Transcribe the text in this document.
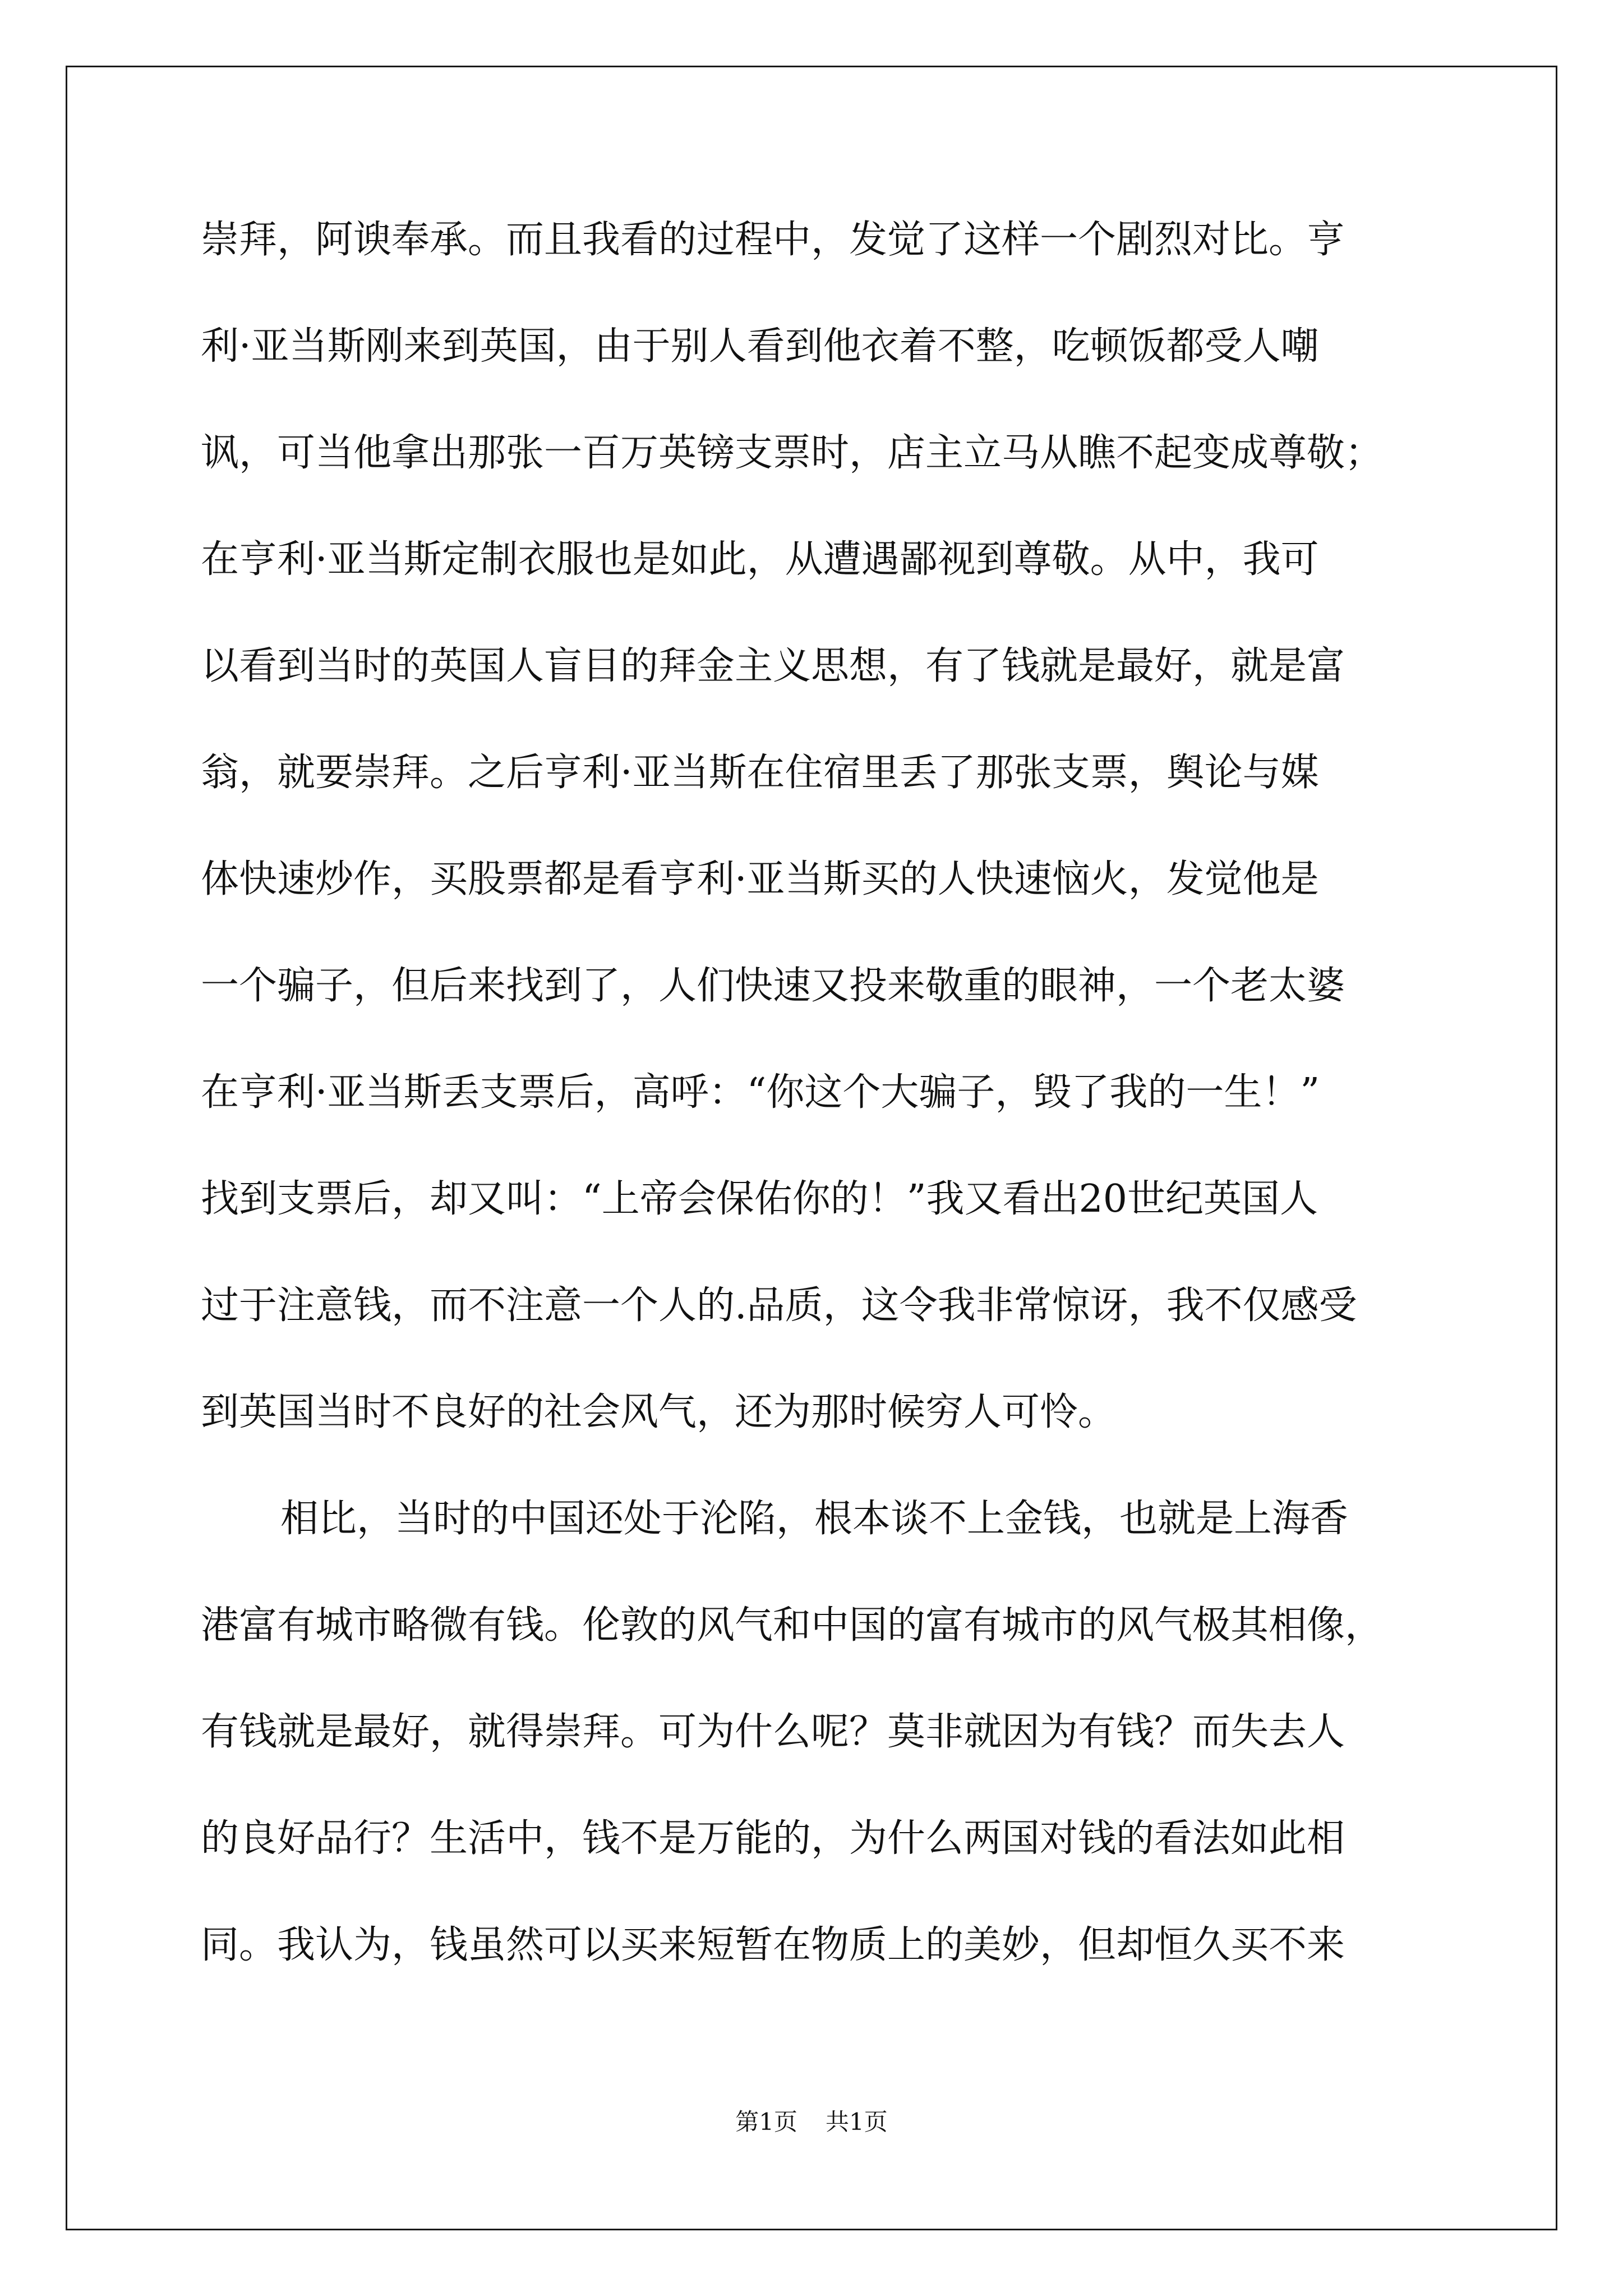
崇拜，阿谀奉承。而且我看的过程中，发觉了这样一个剧烈对比。亨
利·亚当斯刚来到英国，由于别人看到他衣着不整，吃顿饭都受人嘲
讽，可当他拿出那张一百万英镑支票时，店主立马从瞧不起变成尊敬；
在亨利·亚当斯定制衣服也是如此，从遭遇鄙视到尊敬。从中，我可
以看到当时的英国人盲目的拜金主义思想，有了钱就是最好，就是富
翁，就要崇拜。之后亨利·亚当斯在住宿里丢了那张支票，舆论与媒
体快速炒作，买股票都是看亨利·亚当斯买的人快速恼火，发觉他是
一个骗子，但后来找到了，人们快速又投来敬重的眼神，一个老太婆
在亨利·亚当斯丢支票后，高呼：“你这个大骗子，毁了我的一生！”
找到支票后，却又叫：“上帝会保佑你的！”我又看出20世纪英国人
过于注意钱，而不注意一个人的.品质，这令我非常惊讶，我不仅感受
到英国当时不良好的社会风气，还为那时候穷人可怜。
相比，当时的中国还处于沦陷，根本谈不上金钱，也就是上海香
港富有城市略微有钱。伦敦的风气和中国的富有城市的风气极其相像，
有钱就是最好，就得崇拜。可为什么呢？莫非就因为有钱？而失去人
的良好品行？生活中，钱不是万能的，为什么两国对钱的看法如此相
同。我认为，钱虽然可以买来短暂在物质上的美妙，但却恒久买不来
第1页 共1页
